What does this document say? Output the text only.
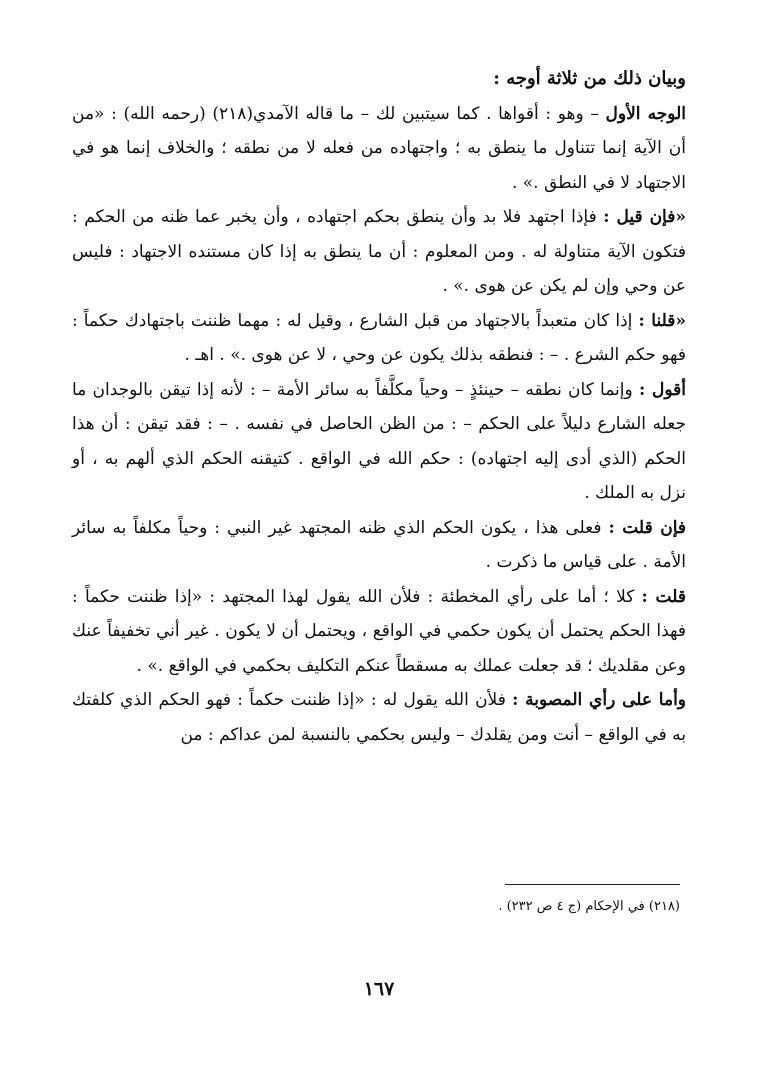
وبيان ذلك من ثلاثة أوجه :

الوجه الأول – وهو : أقواها . كما سيتبين لك – ما قاله الآمدي(٢١٨) (رحمه الله) : «من أن الآية إنما تتناول ما ينطق به ؛ واجتهاده من فعله لا من نطقه ؛ والخلاف إنما هو في الاجتهاد لا في النطق .» .

«فإن قيل : فإذا اجتهد فلا بد وأن ينطق بحكم اجتهاده ، وأن يخبر عما ظنه من الحكم : فتكون الآية متناولة له . ومن المعلوم : أن ما ينطق به إذا كان مستنده الاجتهاد : فليس عن وحي وإن لم يكن عن هوى .» .

«قلنا : إذا كان متعبداً بالاجتهاد من قبل الشارع ، وقيل له : مهما ظننت باجتهادك حكماً : فهو حكم الشرع . – : فنطقه بذلك يكون عن وحي ، لا عن هوى .» . اهـ .

أقول : وإنما كان نطقه – حينئذٍ – وحياً مكلَّفاً به سائر الأمة – : لأنه إذا تيقن بالوجدان ما جعله الشارع دليلاً على الحكم – : من الظن الحاصل في نفسه . – : فقد تيقن : أن هذا الحكم (الذي أدى إليه اجتهاده) : حكم الله في الواقع . كتيقنه الحكم الذي ألهم به ، أو نزل به الملك .

فإن قلت : فعلى هذا ، يكون الحكم الذي ظنه المجتهد غير النبي : وحياً مكلفاً به سائر الأمة . على قياس ما ذكرت .

قلت : كلا ؛ أما على رأي المخطئة : فلأن الله يقول لهذا المجتهد : «إذا ظننت حكماً : فهذا الحكم يحتمل أن يكون حكمي في الواقع ، ويحتمل أن لا يكون . غير أني تخفيفاً عنك وعن مقلديك ؛ قد جعلت عملك به مسقطاً عنكم التكليف بحكمي في الواقع .» .

وأما على رأي المصوبة : فلأن الله يقول له : «إذا ظننت حكماً : فهو الحكم الذي كلفتك به في الواقع – أنت ومن يقلدك – وليس بحكمي بالنسبة لمن عداكم : من

(٢١٨) في الإحكام (ج ٤ ص ٢٣٢) .
١٦٧
